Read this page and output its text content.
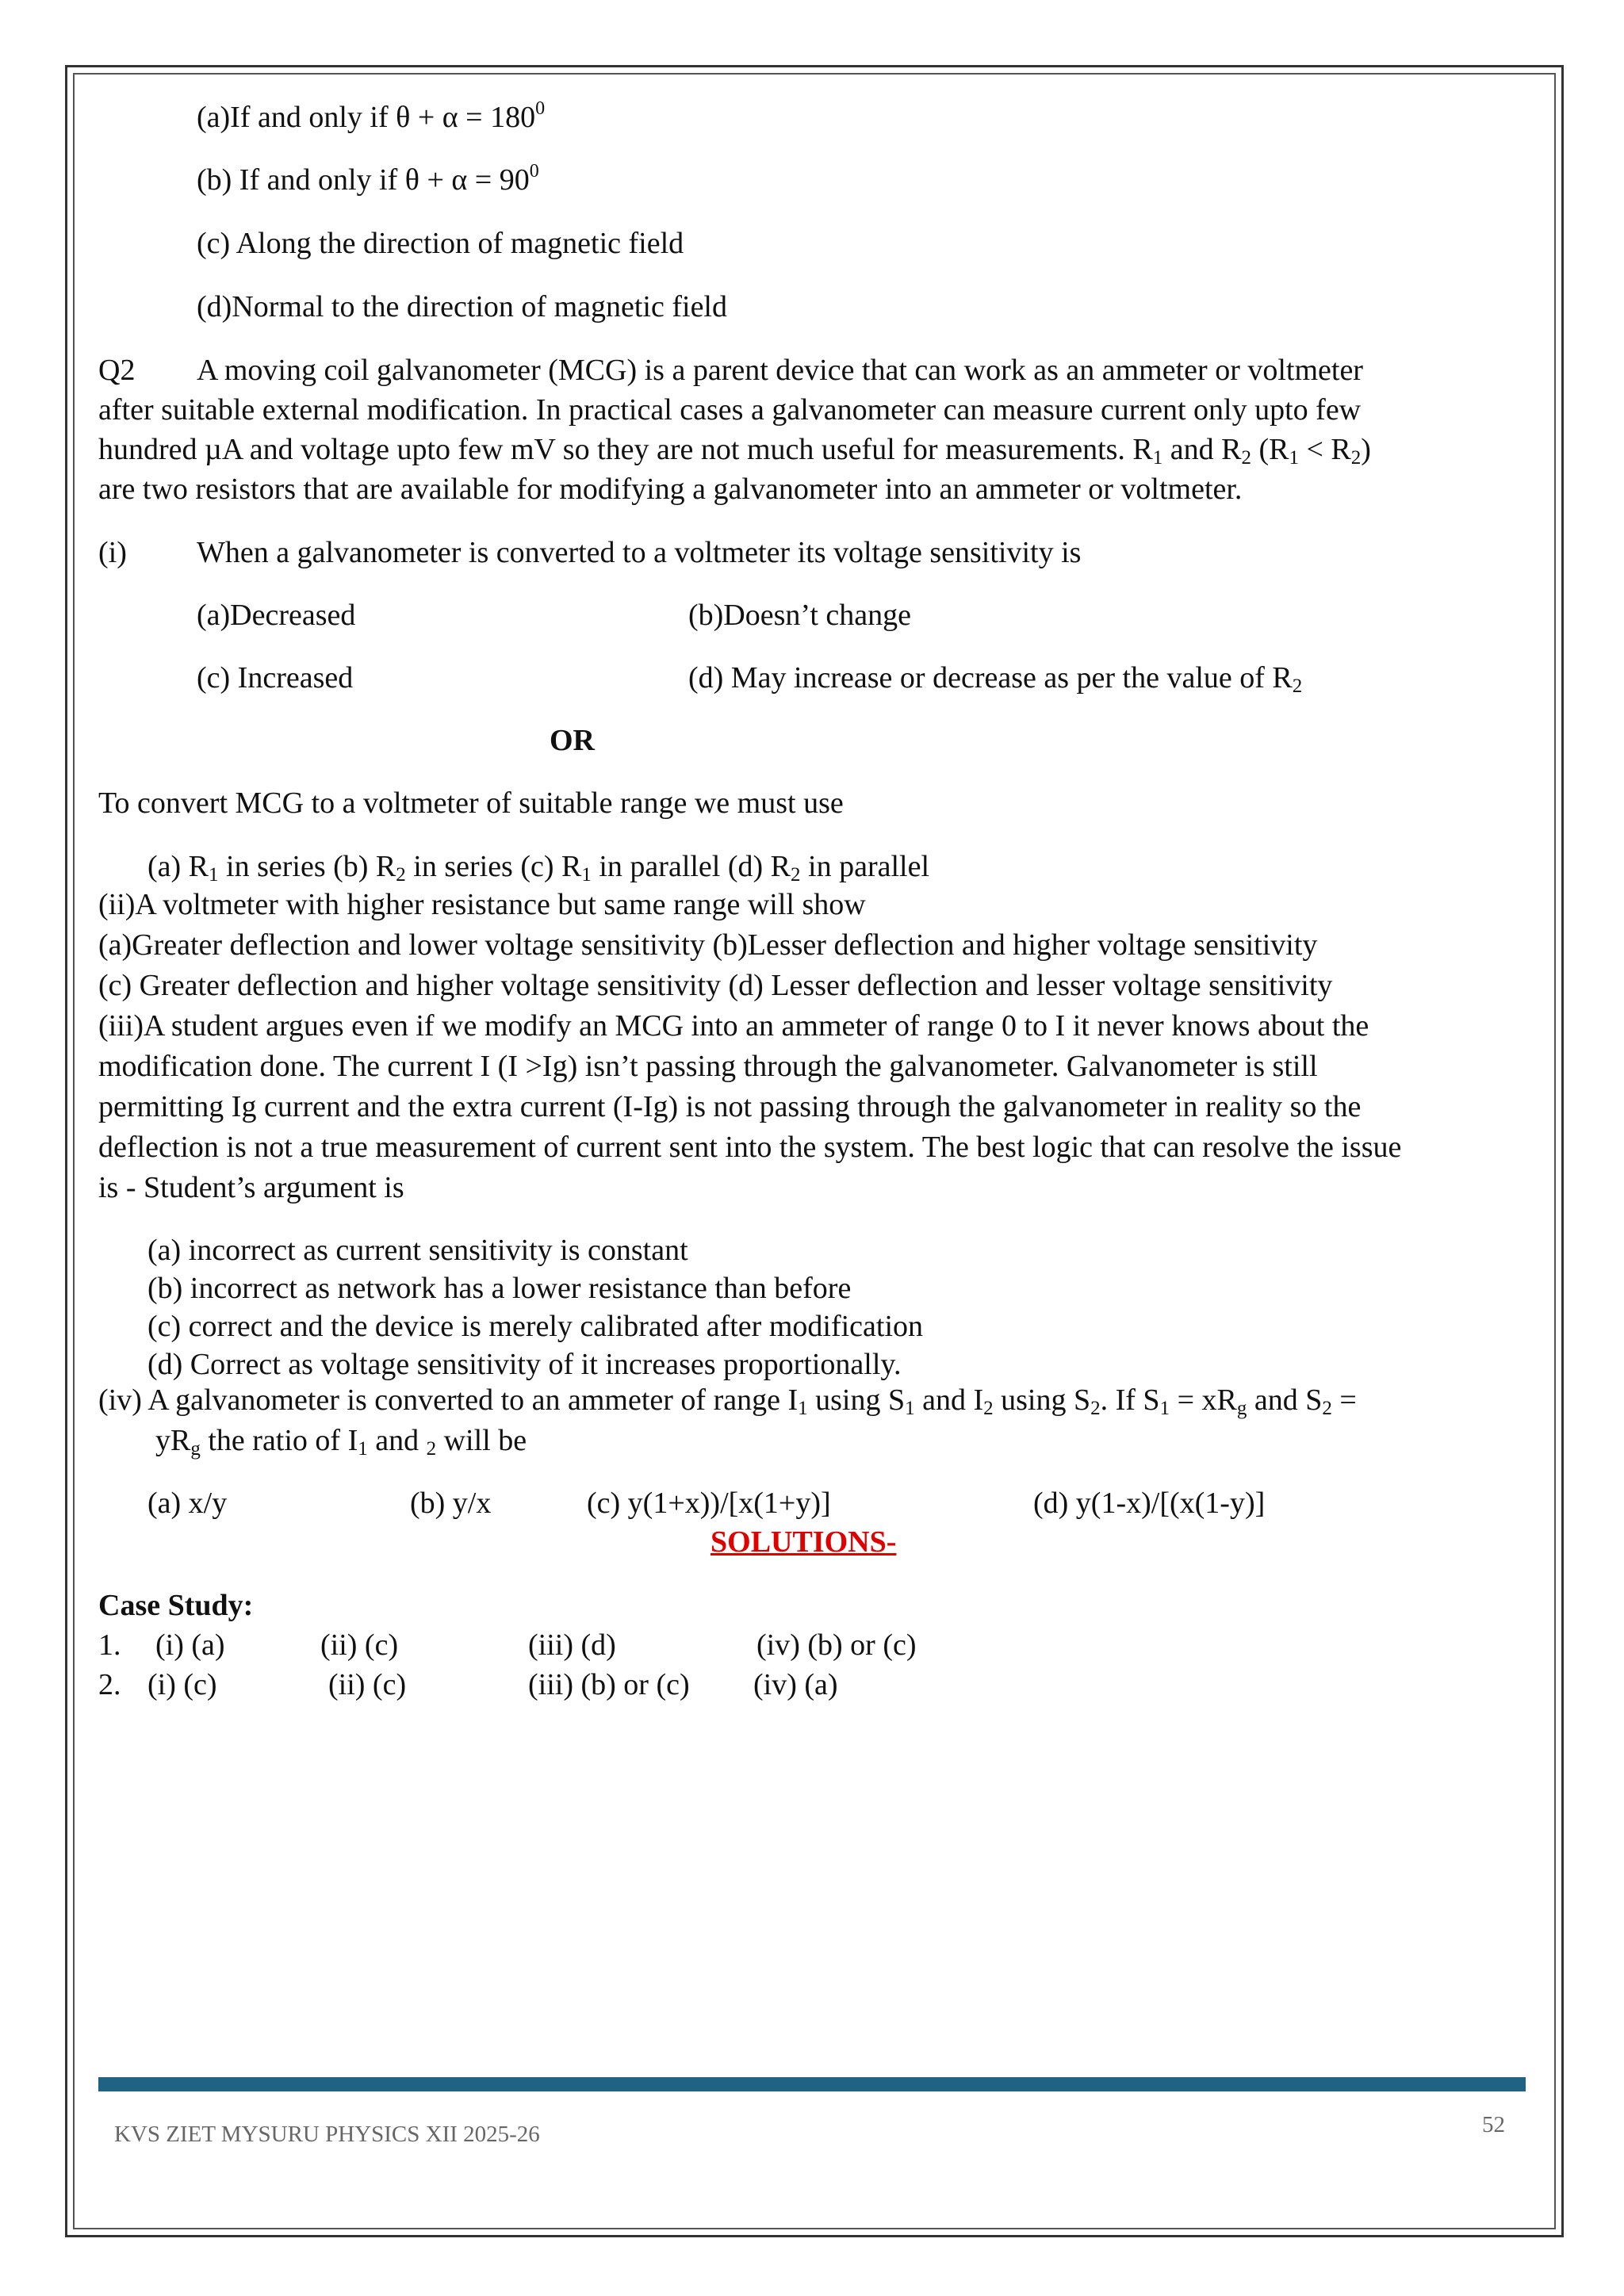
(a)If and only if $\theta + \alpha = 180^0$
(b) If and only if $\theta + \alpha = 90^0$
(c) Along the direction of magnetic field
(d)Normal to the direction of magnetic field
Q2 A moving coil galvanometer (MCG) is a parent device that can work as an ammeter or voltmeter
after suitable external modification. In practical cases a galvanometer can measure current only upto few
hundred µA and voltage upto few mV so they are not much useful for measurements. $R_1$ and $R_2$ $(R_1 < R_2)$
are two resistors that are available for modifying a galvanometer into an ammeter or voltmeter.
(i) When a galvanometer is converted to a voltmeter its voltage sensitivity is
(a)Decreased	(b)Doesn’t change
(c) Increased	(d) May increase or decrease as per the value of $R_2$
OR
To convert MCG to a voltmeter of suitable range we must use
(a) $R_1$ in series (b) $R_2$ in series (c) $R_1$ in parallel (d) $R_2$ in parallel
(ii)A voltmeter with higher resistance but same range will show
(a)Greater deflection and lower voltage sensitivity (b)Lesser deflection and higher voltage sensitivity
(c) Greater deflection and higher voltage sensitivity (d) Lesser deflection and lesser voltage sensitivity
(iii)A student argues even if we modify an MCG into an ammeter of range 0 to I it never knows about the
modification done. The current I (I >Ig) isn’t passing through the galvanometer. Galvanometer is still
permitting Ig current and the extra current (I-Ig) is not passing through the galvanometer in reality so the
deflection is not a true measurement of current sent into the system. The best logic that can resolve the issue
is - Student’s argument is
(a) incorrect as current sensitivity is constant
(b) incorrect as network has a lower resistance than before
(c) correct and the device is merely calibrated after modification
(d) Correct as voltage sensitivity of it increases proportionally.
(iv) A galvanometer is converted to an ammeter of range $I_1$ using $S_1$ and $I_2$ using $S_2$. If $S_1 = xR_g$ and $S_2$ =
$yR_g$ the ratio of $I_1$ and $_2$ will be
(a) x/y	(b) y/x	(c) y(1+x))/[x(1+y)]	(d) y(1-x)/[(x(1-y)]
SOLUTIONS-
Case Study:
1. (i) (a)	(ii) (c)	(iii) (d)	(iv) (b) or (c)
2. (i) (c)	(ii) (c)	(iii) (b) or (c) (iv) (a)
KVS ZIET MYSURU PHYSICS XII 2025-26	52
